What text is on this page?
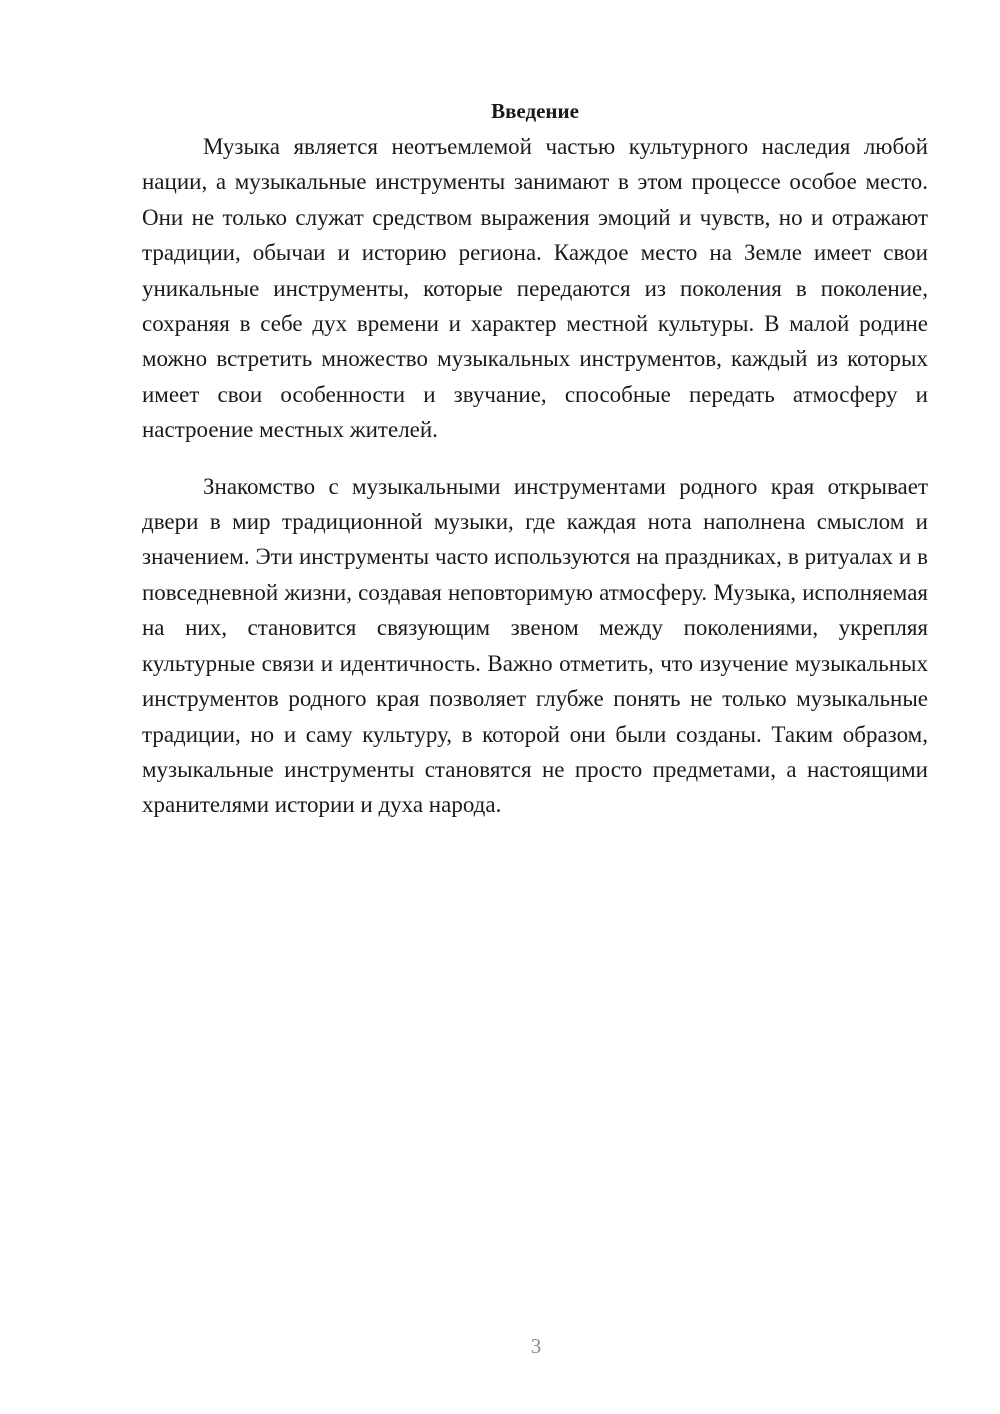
Введение

Музыка является неотъемлемой частью культурного наследия любой нации, а музыкальные инструменты занимают в этом процессе особое место. Они не только служат средством выражения эмоций и чувств, но и отражают традиции, обычаи и историю региона. Каждое место на Земле имеет свои уникальные инструменты, которые передаются из поколения в поколение, сохраняя в себе дух времени и характер местной культуры. В малой родине можно встретить множество музыкальных инструментов, каждый из которых имеет свои особенности и звучание, способные передать атмосферу и настроение местных жителей.

Знакомство с музыкальными инструментами родного края открывает двери в мир традиционной музыки, где каждая нота наполнена смыслом и значением. Эти инструменты часто используются на праздниках, в ритуалах и в повседневной жизни, создавая неповторимую атмосферу. Музыка, исполняемая на них, становится связующим звеном между поколениями, укрепляя культурные связи и идентичность. Важно отметить, что изучение музыкальных инструментов родного края позволяет глубже понять не только музыкальные традиции, но и саму культуру, в которой они были созданы. Таким образом, музыкальные инструменты становятся не просто предметами, а настоящими хранителями истории и духа народа.

3
